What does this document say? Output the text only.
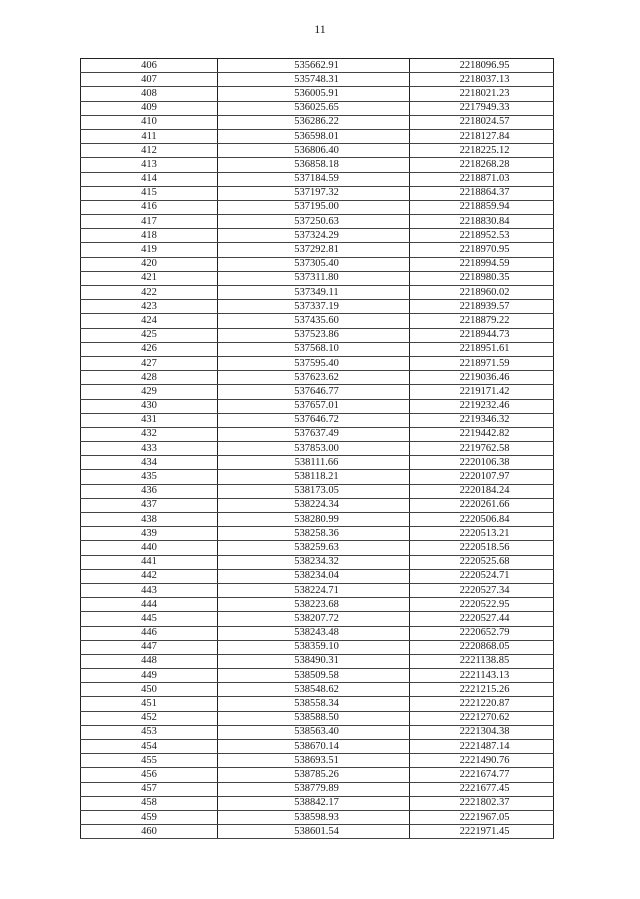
11
406	535662.91	2218096.95
407	535748.31	2218037.13
408	536005.91	2218021.23
409	536025.65	2217949.33
410	536286.22	2218024.57
411	536598.01	2218127.84
412	536806.40	2218225.12
413	536858.18	2218268.28
414	537184.59	2218871.03
415	537197.32	2218864.37
416	537195.00	2218859.94
417	537250.63	2218830.84
418	537324.29	2218952.53
419	537292.81	2218970.95
420	537305.40	2218994.59
421	537311.80	2218980.35
422	537349.11	2218960.02
423	537337.19	2218939.57
424	537435.60	2218879.22
425	537523.86	2218944.73
426	537568.10	2218951.61
427	537595.40	2218971.59
428	537623.62	2219036.46
429	537646.77	2219171.42
430	537657.01	2219232.46
431	537646.72	2219346.32
432	537637.49	2219442.82
433	537853.00	2219762.58
434	538111.66	2220106.38
435	538118.21	2220107.97
436	538173.05	2220184.24
437	538224.34	2220261.66
438	538280.99	2220506.84
439	538258.36	2220513.21
440	538259.63	2220518.56
441	538234.32	2220525.68
442	538234.04	2220524.71
443	538224.71	2220527.34
444	538223.68	2220522.95
445	538207.72	2220527.44
446	538243.48	2220652.79
447	538359.10	2220868.05
448	538490.31	2221138.85
449	538509.58	2221143.13
450	538548.62	2221215.26
451	538558.34	2221220.87
452	538588.50	2221270.62
453	538563.40	2221304.38
454	538670.14	2221487.14
455	538693.51	2221490.76
456	538785.26	2221674.77
457	538779.89	2221677.45
458	538842.17	2221802.37
459	538598.93	2221967.05
460	538601.54	2221971.45
